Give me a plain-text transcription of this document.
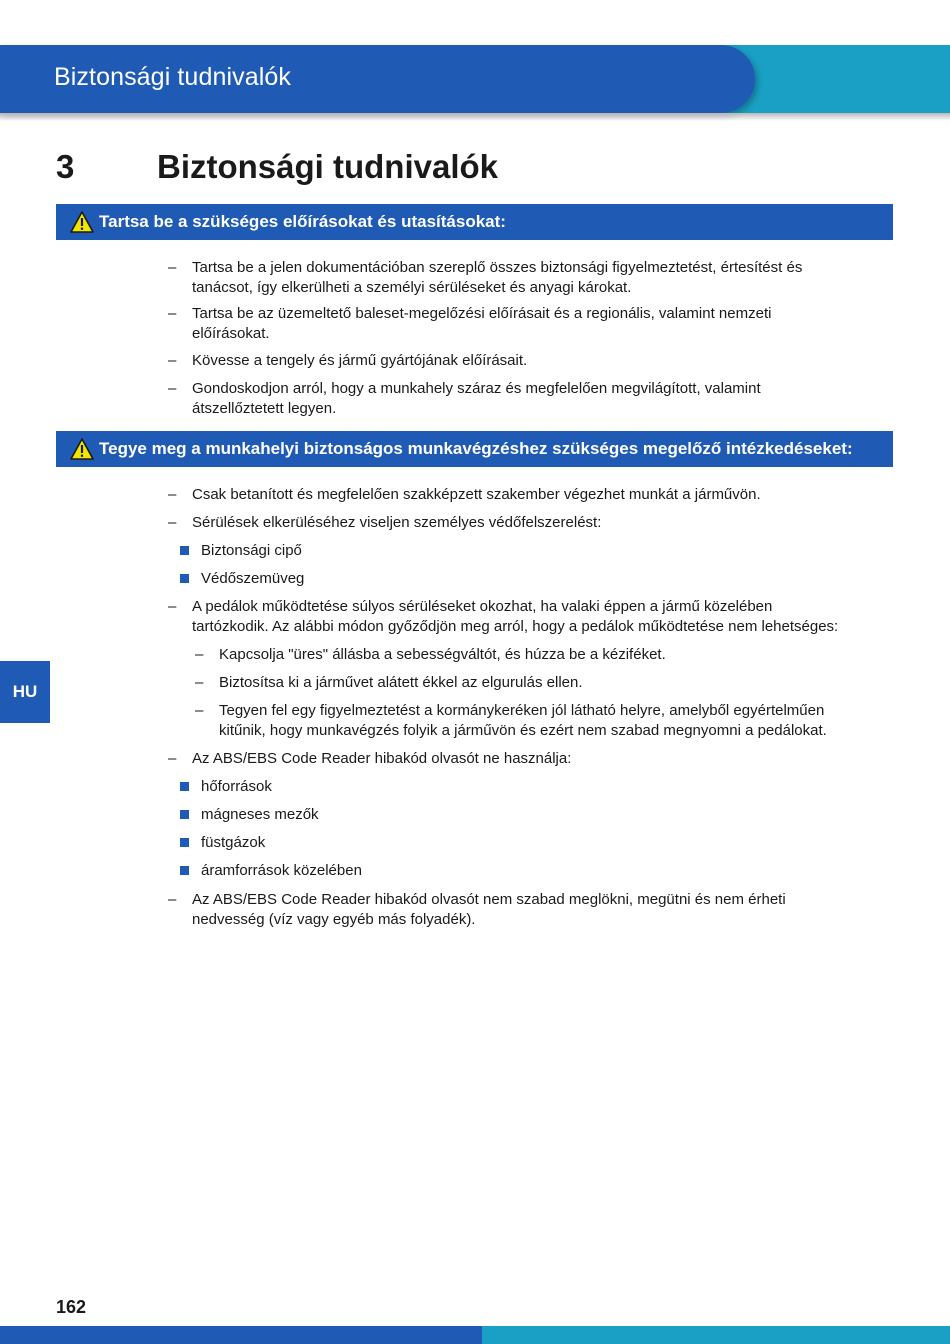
Biztonsági tudnivalók
3	Biztonsági tudnivalók
Tartsa be a szükséges előírásokat és utasításokat:
– Tartsa be a jelen dokumentációban szereplő összes biztonsági figyelmeztetést, értesítést és
tanácsot, így elkerülheti a személyi sérüléseket és anyagi károkat.
– Tartsa be az üzemeltető baleset-megelőzési előírásait és a regionális, valamint nemzeti
előírásokat.
– Kövesse a tengely és jármű gyártójának előírásait.
– Gondoskodjon arról, hogy a munkahely száraz és megfelelően megvilágított, valamint
átszellőztetett legyen.
Tegye meg a munkahelyi biztonságos munkavégzéshez szükséges megelőző intézkedéseket:
– Csak betanított és megfelelően szakképzett szakember végezhet munkát a járművön.
– Sérülések elkerüléséhez viseljen személyes védőfelszerelést:
Biztonsági cipő
Védőszemüveg
– A pedálok működtetése súlyos sérüléseket okozhat, ha valaki éppen a jármű közelében
tartózkodik. Az alábbi módon győződjön meg arról, hogy a pedálok működtetése nem lehetséges:
– Kapcsolja "üres" állásba a sebességváltót, és húzza be a kéziféket.
– Biztosítsa ki a járművet alátett ékkel az elgurulás ellen.
– Tegyen fel egy figyelmeztetést a kormánykeréken jól látható helyre, amelyből egyértelműen
kitűnik, hogy munkavégzés folyik a járművön és ezért nem szabad megnyomni a pedálokat.
– Az ABS/EBS Code Reader hibakód olvasót ne használja:
hőforrások
mágneses mezők
füstgázok
áramforrások közelében
– Az ABS/EBS Code Reader hibakód olvasót nem szabad meglökni, megütni és nem érheti
nedvesség (víz vagy egyéb más folyadék).
HU
162
